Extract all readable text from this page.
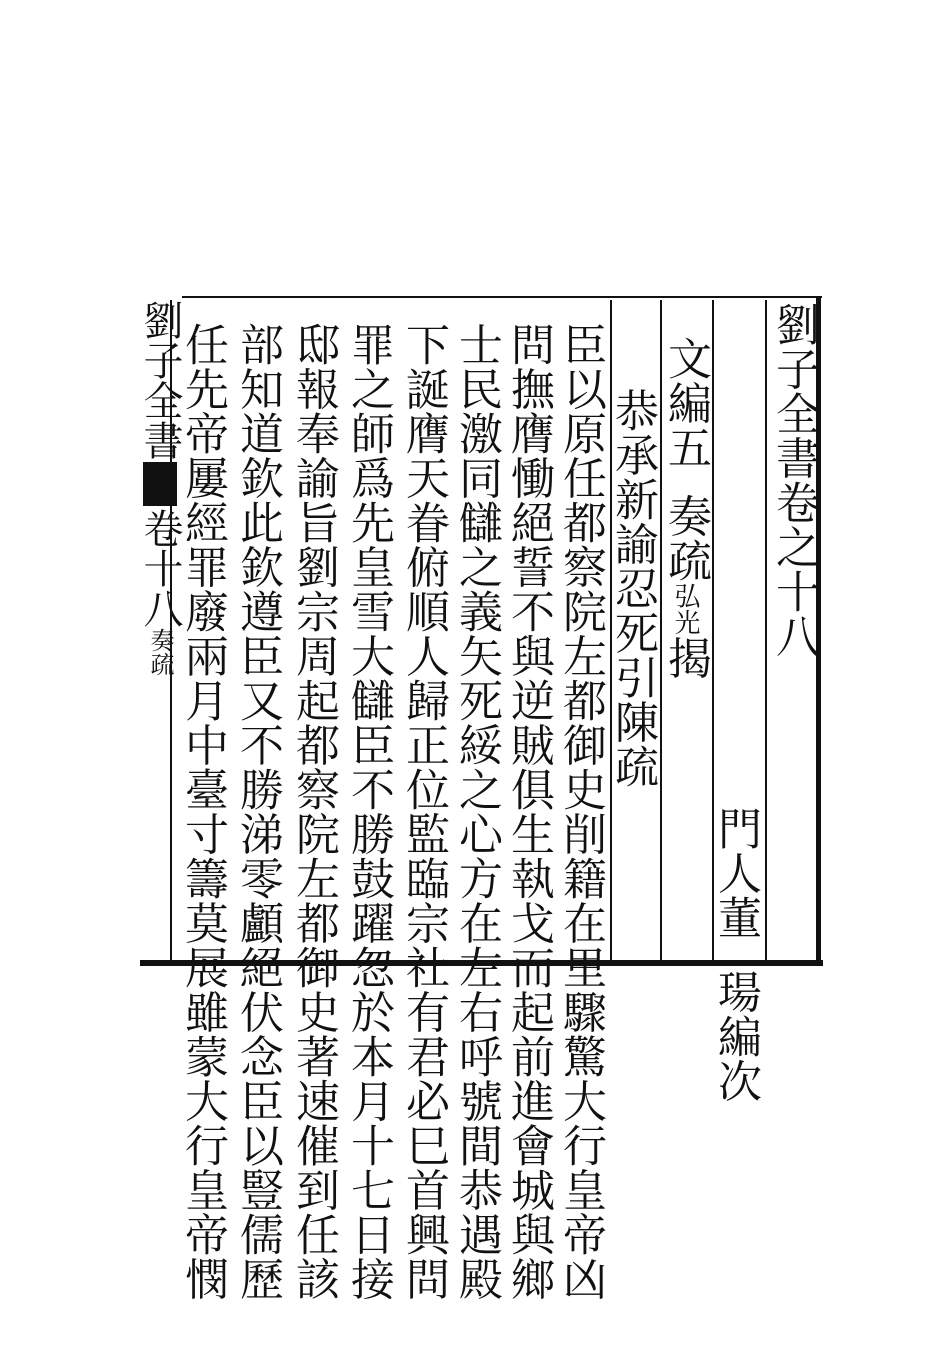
劉子全書卷之十八
門人董瑒編次
文編五奏疏弘光揭
恭承新諭忍死引陳疏
臣以原任都察院左都御史削籍在里驟驚大行皇帝凶
問撫膺慟絕誓不與逆賊俱生執戈而起前進會城與鄉
士民激同讎之義矢死綏之心方在左右呼號間恭遇殿
下誕膺天眷俯順人歸正位監臨宗社有君必巳首興問
罪之師爲先皇雪大讎臣不勝鼓躍忽於本月十七日接
邸報奉諭旨劉宗周起都察院左都御史著速催到任該
部知道欽此欽遵臣又不勝涕零顱絕伏念臣以豎儒歷
任先帝屢經罪廢兩月中臺寸籌莫展雖蒙大行皇帝憫
劉子全書卷十八奏疏
